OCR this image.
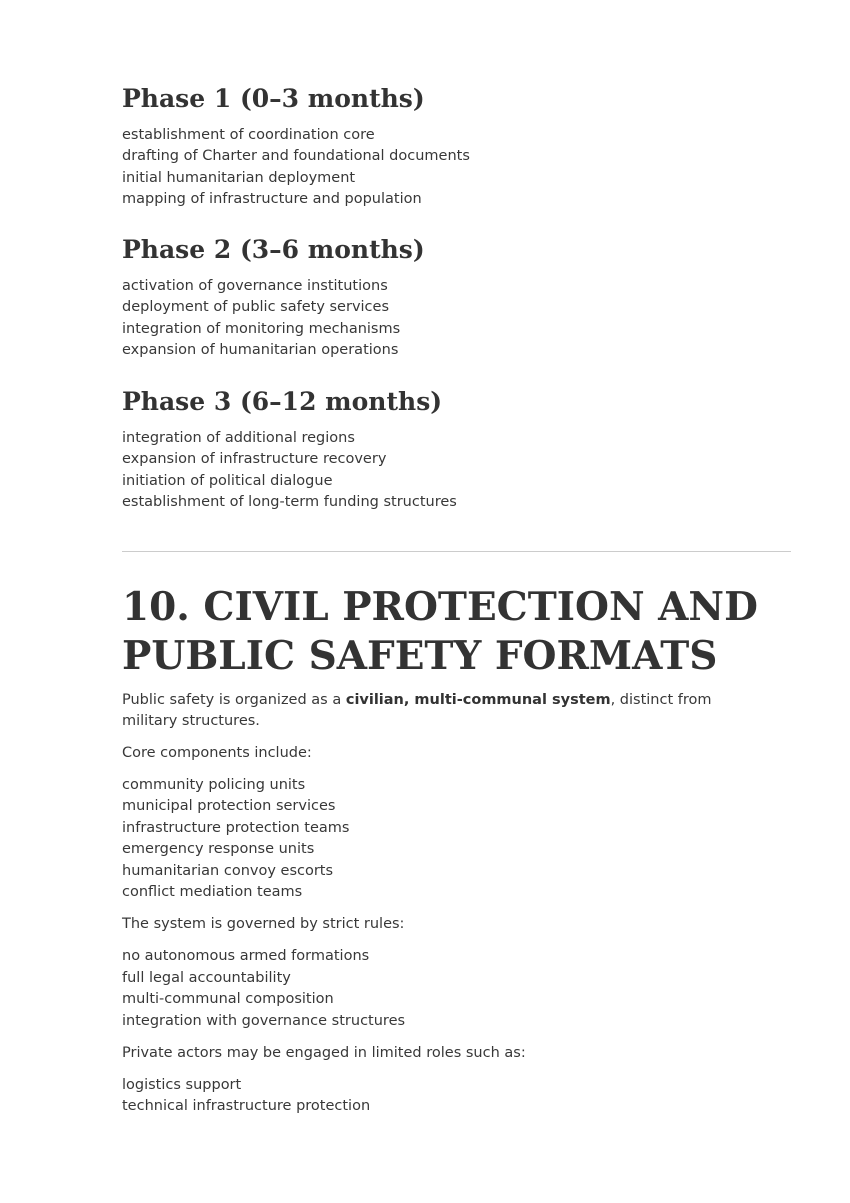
Phase 1 (0–3 months)
establishment of coordination core
drafting of Charter and foundational documents
initial humanitarian deployment
mapping of infrastructure and population
Phase 2 (3–6 months)
activation of governance institutions
deployment of public safety services
integration of monitoring mechanisms
expansion of humanitarian operations
Phase 3 (6–12 months)
integration of additional regions
expansion of infrastructure recovery
initiation of political dialogue
establishment of long-term funding structures
10. CIVIL PROTECTION AND
PUBLIC SAFETY FORMATS

Public safety is organized as a civilian, multi-communal system, distinct from military structures.

Core components include:

community policing units
municipal protection services
infrastructure protection teams
emergency response units
humanitarian convoy escorts
conflict mediation teams

The system is governed by strict rules:

no autonomous armed formations
full legal accountability
multi-communal composition
integration with governance structures

Private actors may be engaged in limited roles such as:

logistics support
technical infrastructure protection
